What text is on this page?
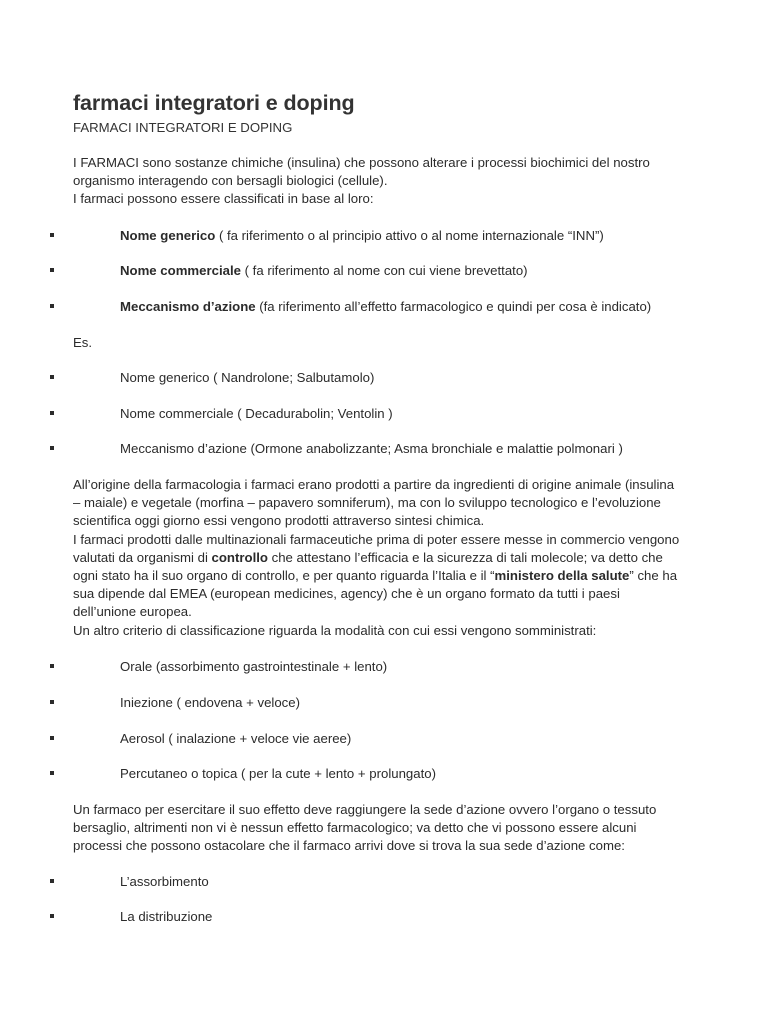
farmaci integratori e doping
FARMACI INTEGRATORI E DOPING

I FARMACI sono sostanze chimiche (insulina) che possono alterare i processi biochimici del nostro

organismo interagendo con bersagli biologici (cellule).

I farmaci possono essere classificati in base al loro:

Nome generico ( fa riferimento o al principio attivo o al nome internazionale “INN”)
Nome commerciale ( fa riferimento al nome con cui viene brevettato)
Meccanismo d’azione (fa riferimento all’effetto farmacologico e quindi per cosa è indicato)

Es.

Nome generico ( Nandrolone; Salbutamolo)
Nome commerciale ( Decadurabolin; Ventolin )
Meccanismo d’azione (Ormone anabolizzante; Asma bronchiale e malattie polmonari )

All’origine della farmacologia i farmaci erano prodotti a partire da ingredienti di origine animale (insulina

– maiale) e vegetale (morfina – papavero somniferum), ma con lo sviluppo tecnologico e l’evoluzione

scientifica oggi giorno essi vengono prodotti attraverso sintesi chimica.

I farmaci prodotti dalle multinazionali farmaceutiche prima di poter essere messe in commercio vengono

valutati da organismi di controllo che attestano l’efficacia e la sicurezza di tali molecole; va detto che

ogni stato ha il suo organo di controllo, e per quanto riguarda l’Italia e il “ministero della salute” che ha

sua dipende dal EMEA (european medicines, agency) che è un organo formato da tutti i paesi

dell’unione europea.

Un altro criterio di classificazione riguarda la modalità con cui essi vengono somministrati:

Orale (assorbimento gastrointestinale + lento)
Iniezione ( endovena + veloce)
Aerosol ( inalazione + veloce vie aeree)
Percutaneo o topica ( per la cute + lento + prolungato)

Un farmaco per esercitare il suo effetto deve raggiungere la sede d’azione ovvero l’organo o tessuto

bersaglio, altrimenti non vi è nessun effetto farmacologico; va detto che vi possono essere alcuni

processi che possono ostacolare che il farmaco arrivi dove si trova la sua sede d’azione come:

L’assorbimento
La distribuzione
